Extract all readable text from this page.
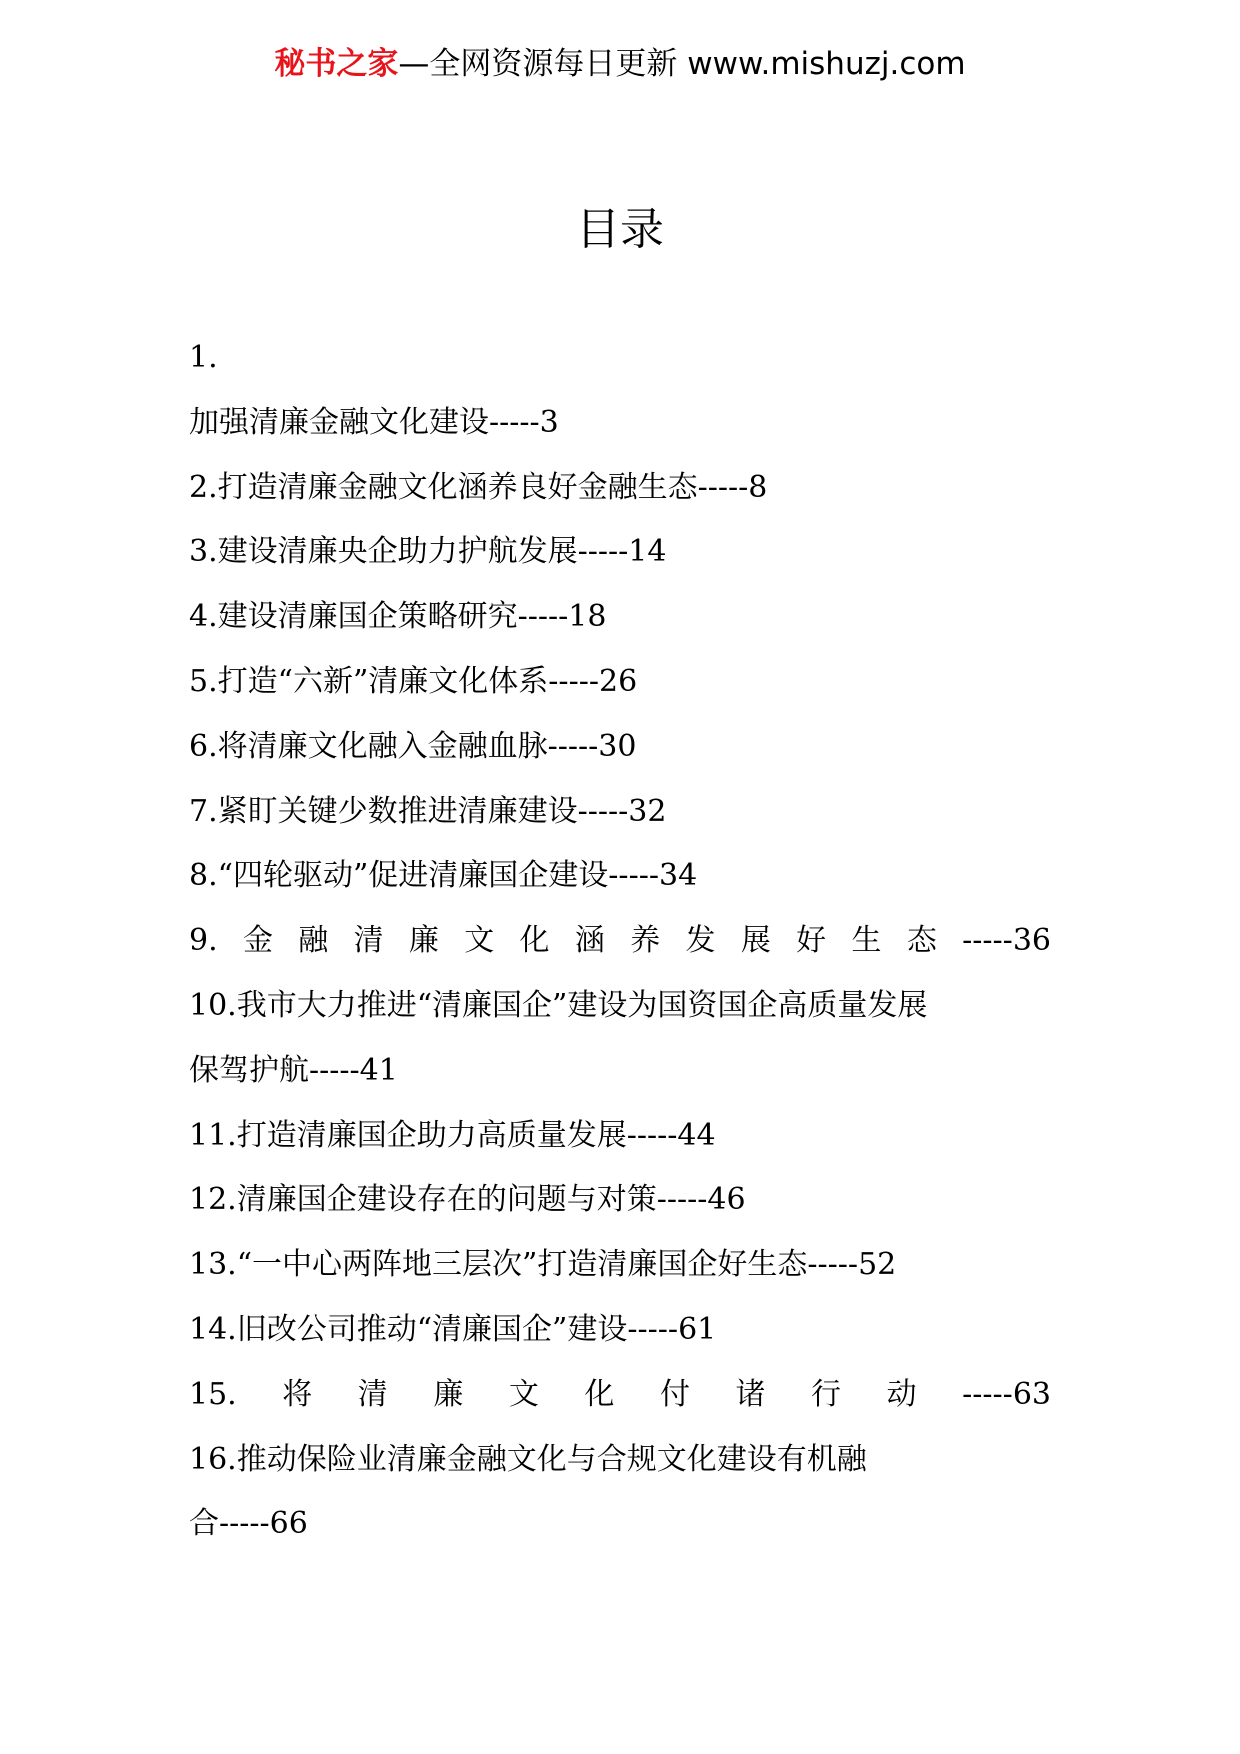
秘书之家—全网资源每日更新 www.mishuzj.com
目录
1.
加强清廉金融文化建设-----3
2.打造清廉金融文化涵养良好金融生态-----8
3.建设清廉央企助力护航发展-----14
4.建设清廉国企策略研究-----18
5.打造“六新”清廉文化体系-----26
6.将清廉文化融入金融血脉-----30
7.紧盯关键少数推进清廉建设-----32
8.“四轮驱动”促进清廉国企建设-----34
9.金融清廉文化涵养发展好生态-----36
10.我市大力推进“清廉国企”建设为国资国企高质量发展
保驾护航-----41
11.打造清廉国企助力高质量发展-----44
12.清廉国企建设存在的问题与对策-----46
13.“一中心两阵地三层次”打造清廉国企好生态-----52
14.旧改公司推动“清廉国企”建设-----61
15.将清廉文化付诸行动-----63
16.推动保险业清廉金融文化与合规文化建设有机融
合-----66
